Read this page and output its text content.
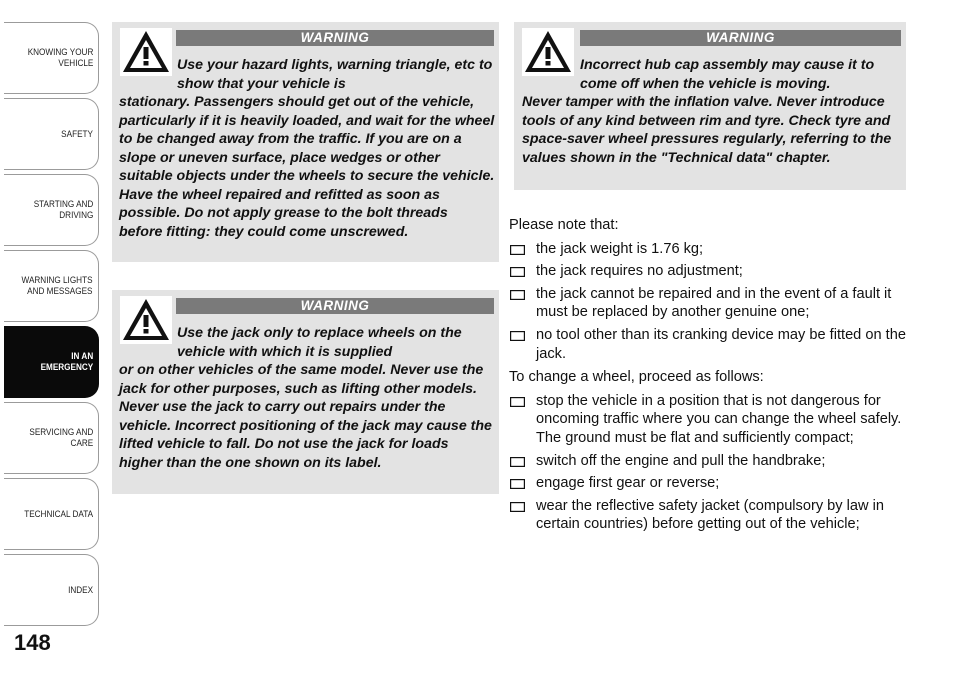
KNOWING YOUR
VEHICLE
SAFETY
STARTING AND
DRIVING
WARNING LIGHTS
AND MESSAGES
IN AN
EMERGENCY
SERVICING AND
CARE
TECHNICAL DATA
INDEX
148
WARNING
Use your hazard lights, warning triangle, etc to show that your vehicle is
stationary. Passengers should get out of the vehicle, particularly if it is heavily loaded, and wait for the wheel to be changed away from the traffic. If you are on a slope or uneven surface, place wedges or other suitable objects under the wheels to secure the vehicle. Have the wheel repaired and refitted as soon as possible. Do not apply grease to the bolt threads before fitting: they could come unscrewed.
WARNING
Use the jack only to replace wheels on the vehicle with which it is supplied
or on other vehicles of the same model. Never use the jack for other purposes, such as lifting other models. Never use the jack to carry out repairs under the vehicle. Incorrect positioning of the jack may cause the lifted vehicle to fall. Do not use the jack for loads higher than the one shown on its label.
WARNING
Incorrect hub cap assembly may cause it to come off when the vehicle is moving.
Never tamper with the inflation valve. Never introduce tools of any kind between rim and tyre. Check tyre and space-saver wheel pressures regularly, referring to the values shown in the "Technical data" chapter.

Please note that:

the jack weight is 1.76 kg;
the jack requires no adjustment;
the jack cannot be repaired and in the event of a fault it must be replaced by another genuine one;
no tool other than its cranking device may be fitted on the jack.

To change a wheel, proceed as follows:

stop the vehicle in a position that is not dangerous for oncoming traffic where you can change the wheel safely. The ground must be flat and sufficiently compact;
switch off the engine and pull the handbrake;
engage first gear or reverse;
wear the reflective safety jacket (compulsory by law in certain countries) before getting out of the vehicle;
